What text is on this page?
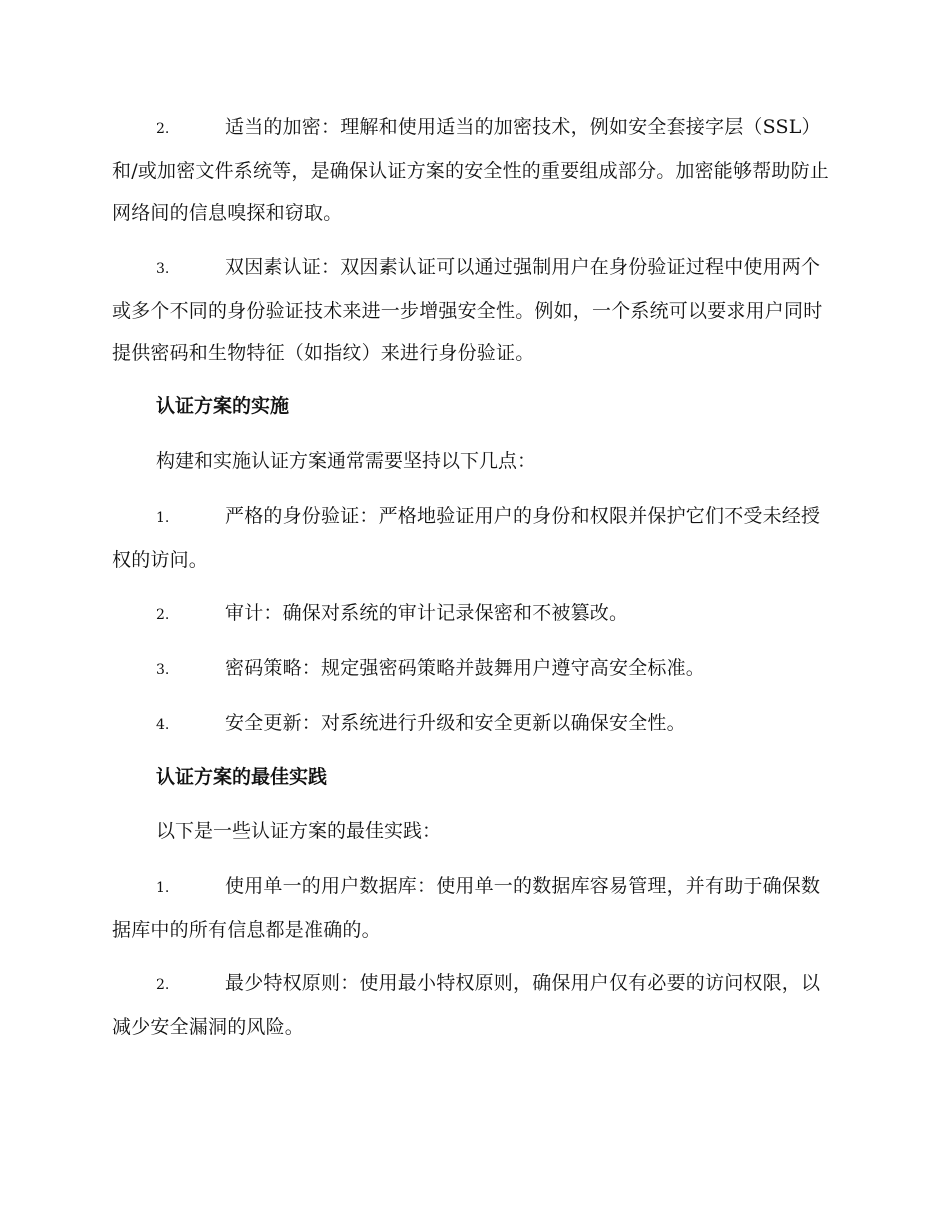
2.	适当的加密：理解和使用适当的加密技术，例如安全套接字层（SSL）和/或加密文件系统等，是确保认证方案的安全性的重要组成部分。加密能够帮助防止网络间的信息嗅探和窃取。
3.	双因素认证：双因素认证可以通过强制用户在身份验证过程中使用两个或多个不同的身份验证技术来进一步增强安全性。例如，一个系统可以要求用户同时提供密码和生物特征（如指纹）来进行身份验证。
认证方案的实施
构建和实施认证方案通常需要坚持以下几点：
1.	严格的身份验证：严格地验证用户的身份和权限并保护它们不受未经授权的访问。
2.	审计：确保对系统的审计记录保密和不被篡改。
3.	密码策略：规定强密码策略并鼓舞用户遵守高安全标准。
4.	安全更新：对系统进行升级和安全更新以确保安全性。
认证方案的最佳实践
以下是一些认证方案的最佳实践：
1.	使用单一的用户数据库：使用单一的数据库容易管理，并有助于确保数据库中的所有信息都是准确的。
2.	最少特权原则：使用最小特权原则，确保用户仅有必要的访问权限，以减少安全漏洞的风险。
